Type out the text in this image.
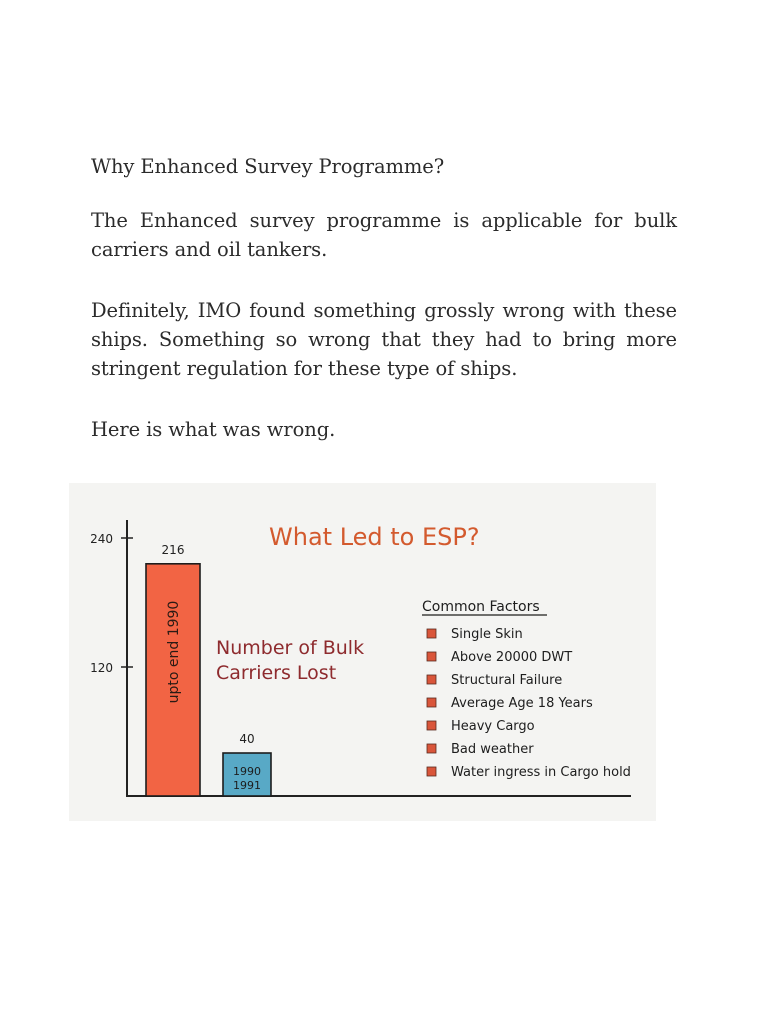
Why Enhanced Survey Programme?

The Enhanced survey programme is applicable for bulk carriers and oil tankers.

Definitely, IMO found something grossly wrong with these ships. Something so wrong that they had to bring more stringent regulation for these type of ships.

Here is what was wrong.

240
120
216
upto end 1990
40
1990
1991
What Led to ESP?
Number of Bulk
Carriers Lost
Common Factors
Single Skin
Above 20000 DWT
Structural Failure
Average Age 18 Years
Heavy Cargo
Bad weather
Water ingress in Cargo hold
